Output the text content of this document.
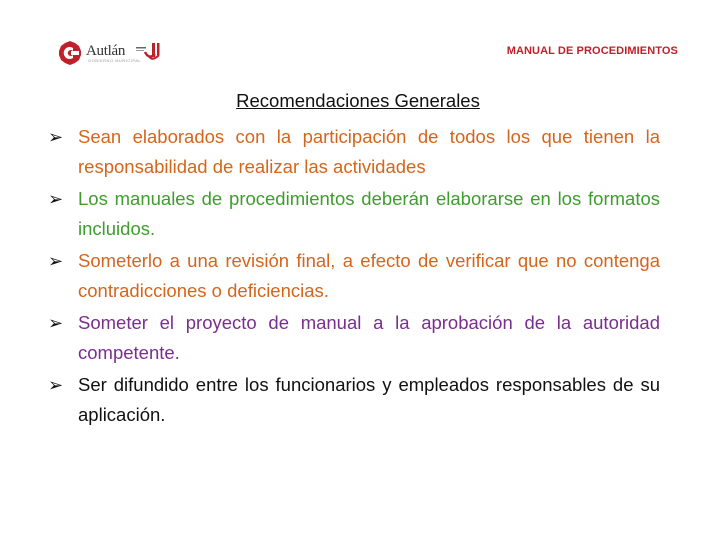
Autlán
GOBIERNO MUNICIPAL
MANUAL DE PROCEDIMIENTOS
Recomendaciones Generales
➢ Sean elaborados con la participación de todos los que tienen la responsabilidad de realizar las actividades
➢ Los manuales de procedimientos deberán elaborarse en los formatos incluidos.
➢ Someterlo a una revisión final, a efecto de verificar que no contenga contradicciones o deficiencias.
➢ Someter el proyecto de manual a la aprobación de la autoridad competente.
➢ Ser difundido entre los funcionarios y empleados responsables de su aplicación.
